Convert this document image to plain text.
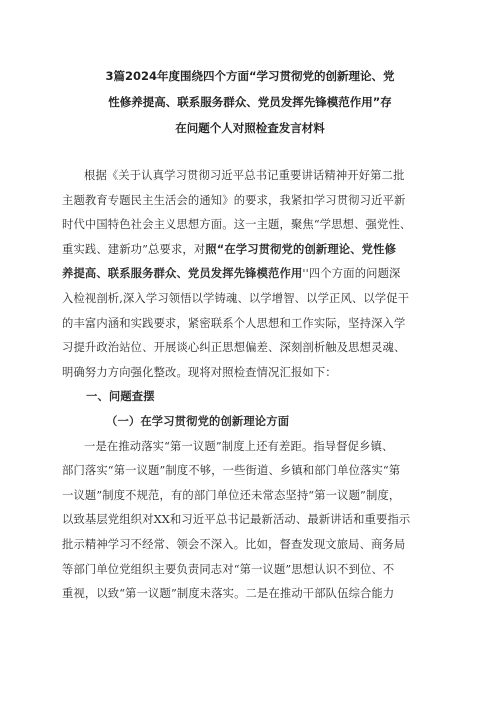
3篇2024年度围绕四个方面“学习贯彻党的创新理论、党
性修养提高、联系服务群众、党员发挥先锋模范作用”存
在问题个人对照检查发言材料
根据《关于认真学习贯彻习近平总书记重要讲话精神开好第二批
主题教育专题民主生活会的通知》的要求，我紧扣学习贯彻习近平新
时代中国特色社会主义思想方面。这一主题，聚焦“学思想、强党性、
重实践、建新功”总要求，对照“在学习贯彻党的创新理论、党性修
养提高、联系服务群众、党员发挥先锋模范作用''四个方面的问题深
入检视剖析,深入学习领悟以学铸魂、以学增智、以学正风、以学促干
的丰富内涵和实践要求，紧密联系个人思想和工作实际，坚持深入学
习提升政治站位、开展谈心纠正思想偏差、深刻剖析触及思想灵魂、
明确努力方向强化整改。现将对照检查情况汇报如下：
一、问题查摆
（一）在学习贯彻党的创新理论方面
一是在推动落实“第一议题”制度上还有差距。指导督促乡镇、
部门落实“第一议题”制度不够，一些街道、乡镇和部门单位落实“第
一议题”制度不规范，有的部门单位还未常态坚持“第一议题”制度，
以致基层党组织对XX和习近平总书记最新活动、最新讲话和重要指示
批示精神学习不经常、领会不深入。比如，督查发现文旅局、商务局
等部门单位党组织主要负责同志对“第一议题”思想认识不到位、不
重视，以致“第一议题”制度未落实。二是在推动干部队伍综合能力
